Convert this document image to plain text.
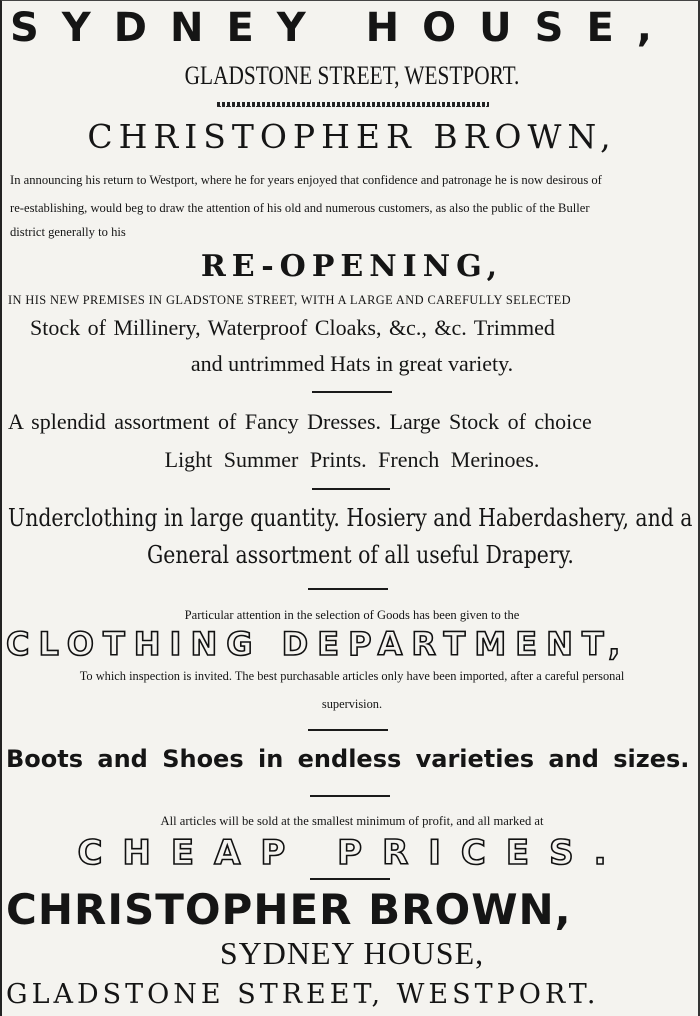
SYDNEY HOUSE,
GLADSTONE STREET, WESTPORT.
CHRISTOPHER BROWN,
In announcing his return to Westport, where he for years enjoyed that confidence and patronage he is now desirous of
re-establishing, would beg to draw the attention of his old and numerous customers, as also the public of the Buller
district generally to his
RE-OPENING,
IN HIS NEW PREMISES IN GLADSTONE STREET, WITH A LARGE AND CAREFULLY SELECTED
Stock of Millinery, Waterproof Cloaks, &c., &c. Trimmed
and untrimmed Hats in great variety.
A splendid assortment of Fancy Dresses. Large Stock of choice
Light Summer Prints. French Merinoes.
Underclothing in large quantity. Hosiery and Haberdashery, and a
General assortment of all useful Drapery.
Particular attention in the selection of Goods has been given to the
CLOTHING DEPARTMENT,
To which inspection is invited. The best purchasable articles only have been imported, after a careful personal
supervision.
Boots and Shoes in endless varieties and sizes.
All articles will be sold at the smallest minimum of profit, and all marked at
CHEAP PRICES.
CHRISTOPHER BROWN,
SYDNEY HOUSE,
GLADSTONE STREET, WESTPORT.
